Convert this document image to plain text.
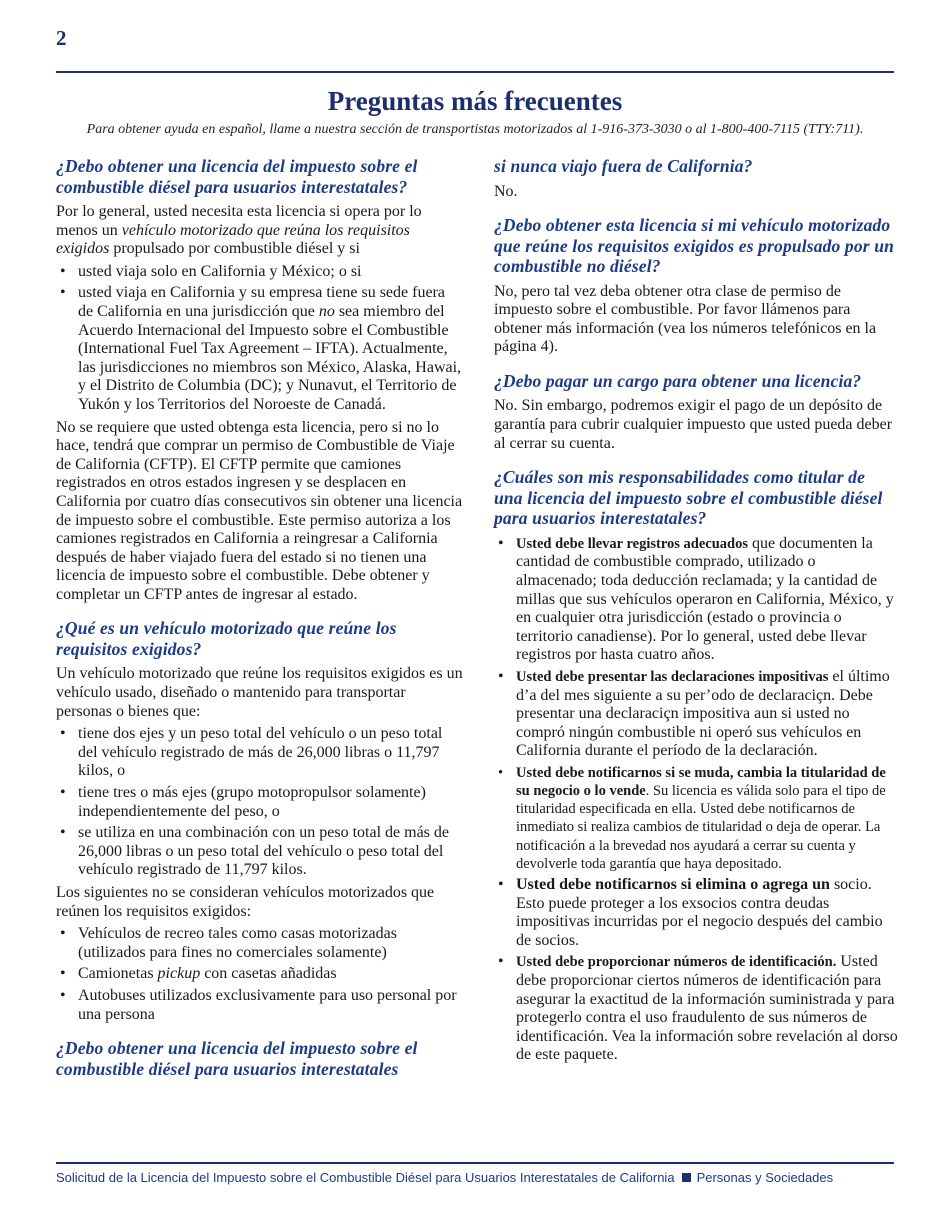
2
Preguntas más frecuentes
Para obtener ayuda en español, llame a nuestra sección de transportistas motorizados al 1-916-373-3030 o al 1-800-400-7115 (TTY:711).
¿Debo obtener una licencia del impuesto sobre el combustible diésel para usuarios interestatales?

Por lo general, usted necesita esta licencia si opera por lo menos un vehículo motorizado que reúna los requisitos exigidos propulsado por combustible diésel y si

• usted viaja solo en California y México; o si
• usted viaja en California y su empresa tiene su sede fuera de California en una jurisdicción que no sea miembro del Acuerdo Internacional del Impuesto sobre el Combustible (International Fuel Tax Agreement – IFTA). Actualmente, las jurisdicciones no miembros son México, Alaska, Hawai, y el Distrito de Columbia (DC); y Nunavut, el Territorio de Yukón y los Territorios del Noroeste de Canadá.

No se requiere que usted obtenga esta licencia, pero si no lo hace, tendrá que comprar un permiso de Combustible de Viaje de California (CFTP). El CFTP permite que camiones registrados en otros estados ingresen y se desplacen en California por cuatro días consecutivos sin obtener una licencia de impuesto sobre el combustible. Este permiso autoriza a los camiones registrados en California a reingresar a California después de haber viajado fuera del estado si no tienen una licencia de impuesto sobre el combustible. Debe obtener y completar un CFTP antes de ingresar al estado.

¿Qué es un vehículo motorizado que reúne los requisitos exigidos?

Un vehículo motorizado que reúne los requisitos exigidos es un vehículo usado, diseñado o mantenido para transportar personas o bienes que:

• tiene dos ejes y un peso total del vehículo o un peso total del vehículo registrado de más de 26,000 libras o 11,797 kilos, o
• tiene tres o más ejes (grupo motopropulsor solamente) independientemente del peso, o
• se utiliza en una combinación con un peso total de más de 26,000 libras o un peso total del vehículo o peso total del vehículo registrado de 11,797 kilos.

Los siguientes no se consideran vehículos motorizados que reúnen los requisitos exigidos:

• Vehículos de recreo tales como casas motorizadas (utilizados para fines no comerciales solamente)
• Camionetas pickup con casetas añadidas
• Autobuses utilizados exclusivamente para uso personal por una persona
¿Debo obtener una licencia del impuesto sobre el combustible diésel para usuarios interestatales
si nunca viajo fuera de California?

No.

¿Debo obtener esta licencia si mi vehículo motorizado que reúne los requisitos exigidos es propulsado por un combustible no diésel?

No, pero tal vez deba obtener otra clase de permiso de impuesto sobre el combustible. Por favor llámenos para obtener más información (vea los números telefónicos en la página 4).

¿Debo pagar un cargo para obtener una licencia?

No. Sin embargo, podremos exigir el pago de un depósito de garantía para cubrir cualquier impuesto que usted pueda deber al cerrar su cuenta.

¿Cuáles son mis responsabilidades como titular de una licencia del impuesto sobre el combustible diésel para usuarios interestatales?
• Usted debe llevar registros adecuados que documenten la cantidad de combustible comprado, utilizado o almacenado; toda deducción reclamada; y la cantidad de millas que sus vehículos operaron en California, México, y en cualquier otra jurisdicción (estado o provincia o territorio canadiense). Por lo general, usted debe llevar registros por hasta cuatro años.
• Usted debe presentar las declaraciones impositivas el último d’a del mes siguiente a su per’odo de declaraciçn. Debe presentar una declaraciçn impositiva aun si usted no compró ningún combustible ni operó sus vehículos en California durante el período de la declaración.
• Usted debe notificarnos si se muda, cambia la titularidad de su negocio o lo vende. Su licencia es válida solo para el tipo de titularidad especificada en ella. Usted debe notificarnos de inmediato si realiza cambios de titularidad o deja de operar. La notificación a la brevedad nos ayudará a cerrar su cuenta y devolverle toda garantía que haya depositado.
• Usted debe notificarnos si elimina o agrega un socio. Esto puede proteger a los exsocios contra deudas impositivas incurridas por el negocio después del cambio de socios.
• Usted debe proporcionar números de identificación. Usted debe proporcionar ciertos números de identificación para asegurar la exactitud de la información suministrada y para protegerlo contra el uso fraudulento de sus números de identificación. Vea la información sobre revelación al dorso de este paquete.
Solicitud de la Licencia del Impuesto sobre el Combustible Diésel para Usuarios Interestatales de California Personas y Sociedades
